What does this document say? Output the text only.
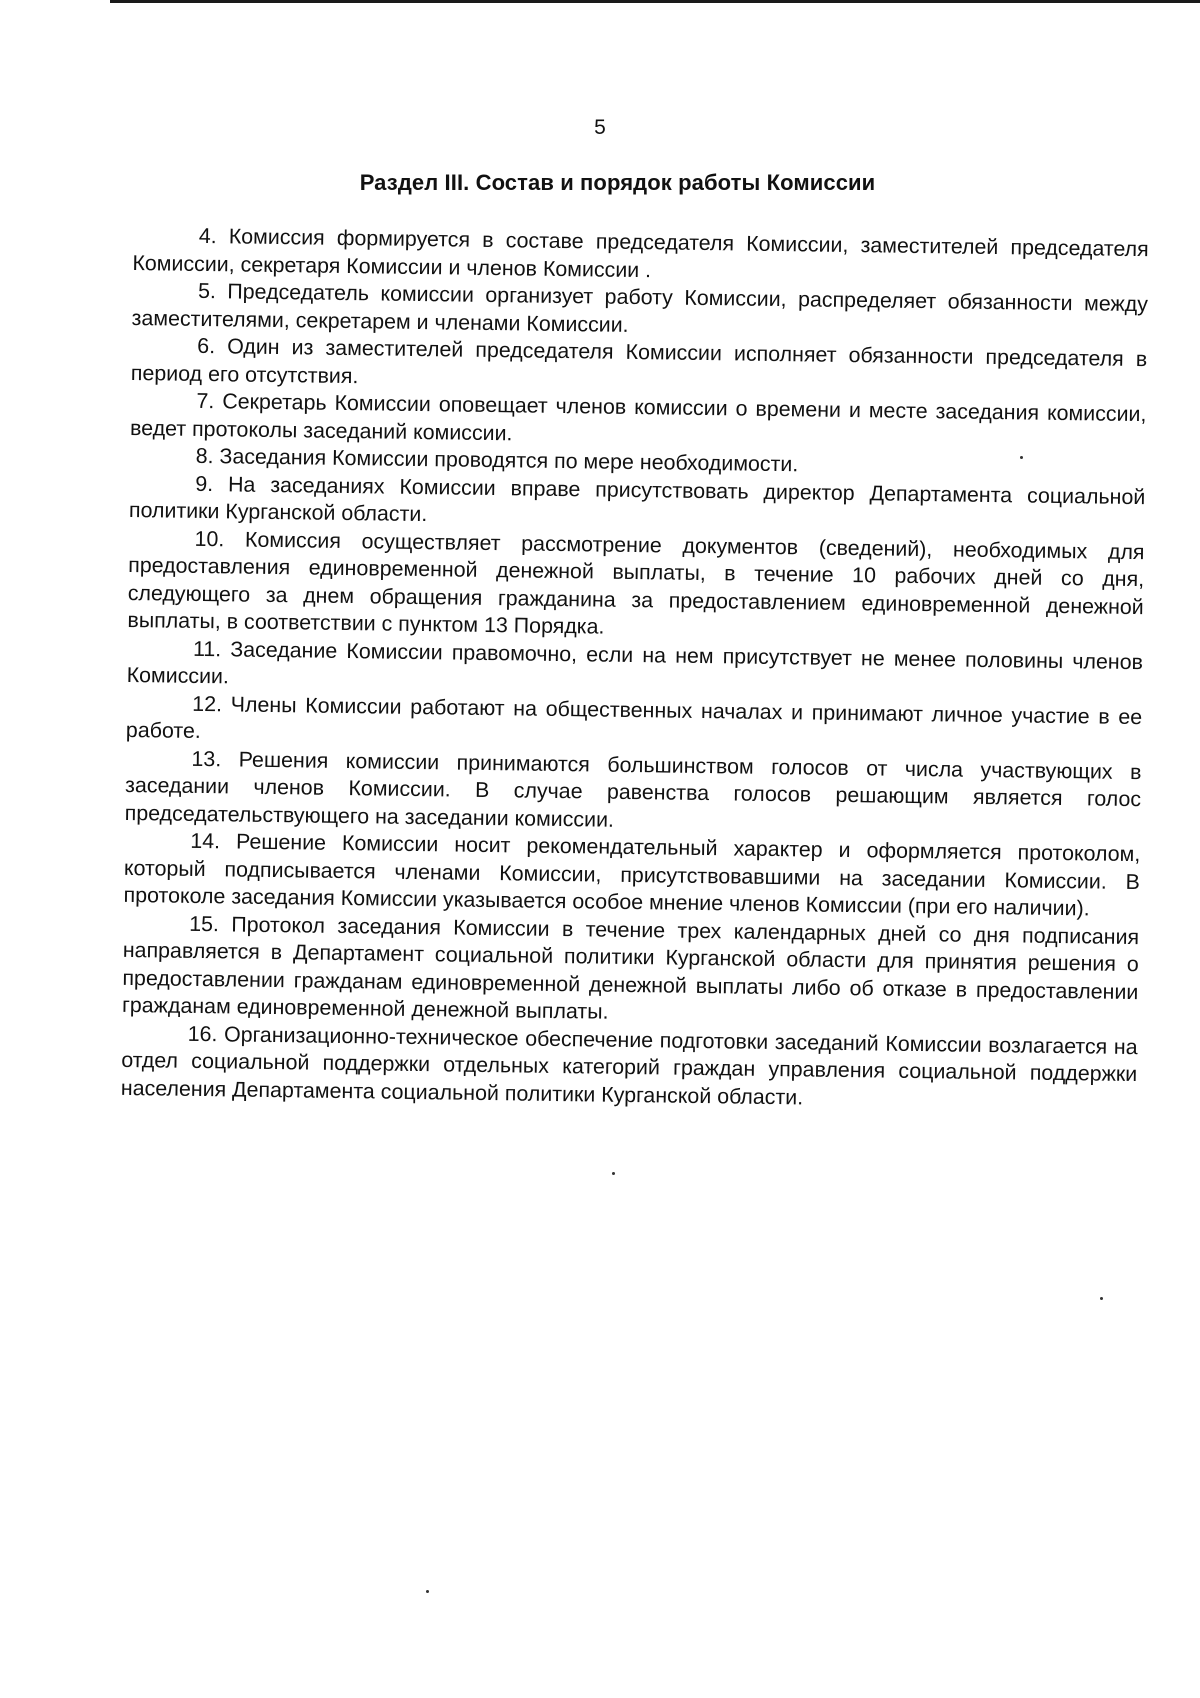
5
Раздел III. Состав и порядок работы Комиссии

4. Комиссия формируется в составе председателя Комиссии, заместителей председателя Комиссии, секретаря Комиссии и членов Комиссии .

5. Председатель комиссии организует работу Комиссии, распределяет обязанности между заместителями, секретарем и членами Комиссии.

6. Один из заместителей председателя Комиссии исполняет обязанности председателя в период его отсутствия.

7. Секретарь Комиссии оповещает членов комиссии о времени и месте заседания комиссии, ведет протоколы заседаний комиссии.

8. Заседания Комиссии проводятся по мере необходимости.

9. На заседаниях Комиссии вправе присутствовать директор Департамента социальной политики Курганской области.

10. Комиссия осуществляет рассмотрение документов (сведений), необходимых для предоставления единовременной денежной выплаты, в течение 10 рабочих дней со дня, следующего за днем обращения гражданина за предоставлением единовременной денежной выплаты, в соответствии с пунктом 13 Порядка.

11. Заседание Комиссии правомочно, если на нем присутствует не менее половины членов Комиссии.

12. Члены Комиссии работают на общественных началах и принимают личное участие в ее работе.

13. Решения комиссии принимаются большинством голосов от числа участвующих в заседании членов Комиссии. В случае равенства голосов решающим является голос председательствующего на заседании комиссии.

14. Решение Комиссии носит рекомендательный характер и оформляется протоколом, который подписывается членами Комиссии, присутствовавшими на заседании Комиссии. В протоколе заседания Комиссии указывается особое мнение членов Комиссии (при его наличии).

15. Протокол заседания Комиссии в течение трех календарных дней со дня подписания направляется в Департамент социальной политики Курганской области для принятия решения о предоставлении гражданам единовременной денежной выплаты либо об отказе в предоставлении гражданам единовременной денежной выплаты.

16. Организационно-техническое обеспечение подготовки заседаний Комиссии возлагается на отдел социальной поддержки отдельных категорий граждан управления социальной поддержки населения Департамента социальной политики Курганской области.
